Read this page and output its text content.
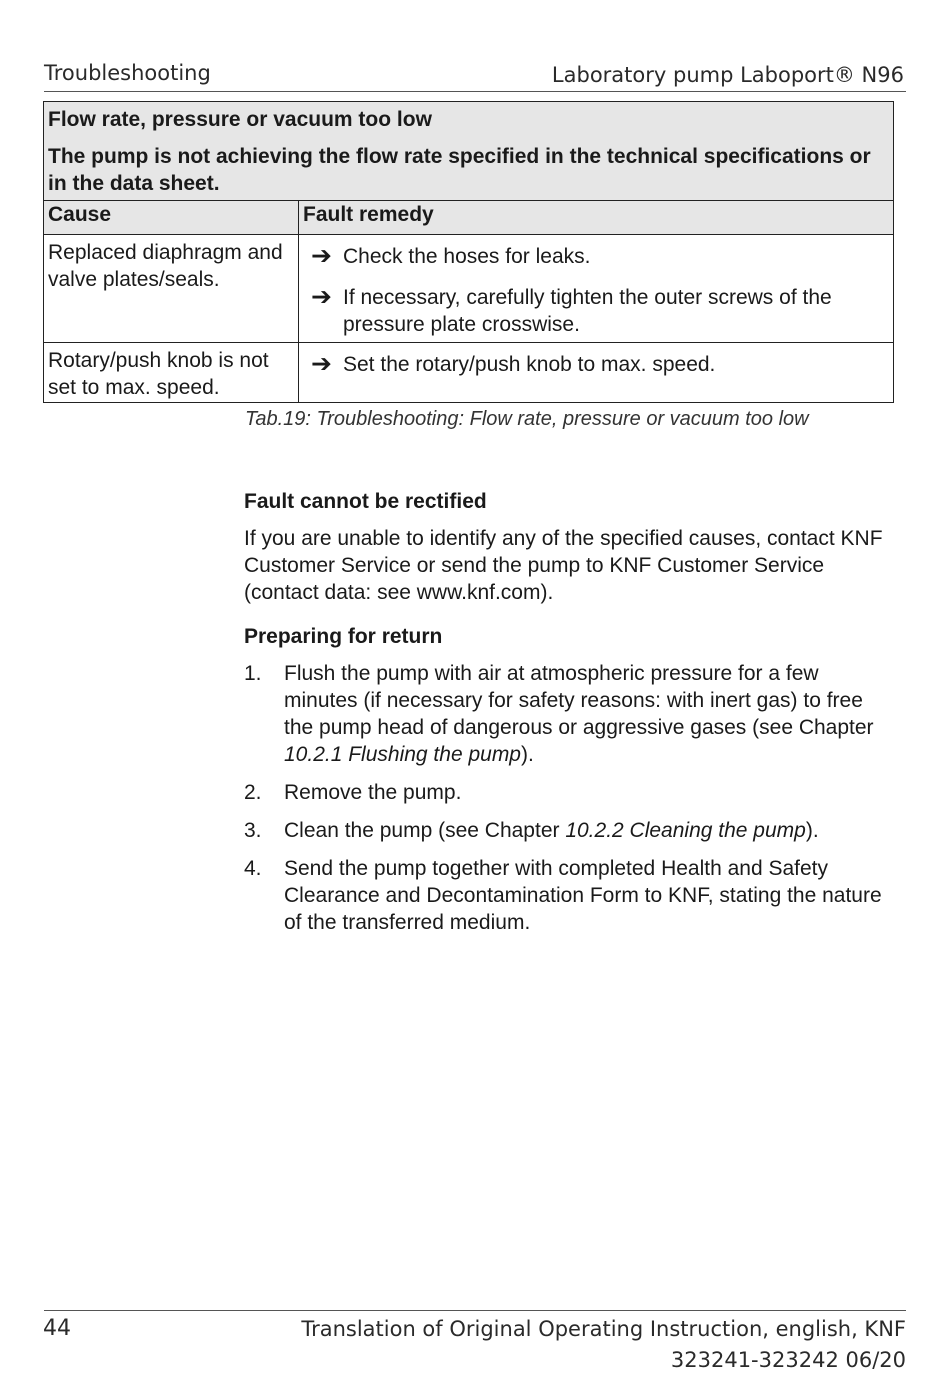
Troubleshooting	Laboratory pump Laboport® N96
Flow rate, pressure or vacuum too low
The pump is not achieving the flow rate specified in the technical specifications or in the data sheet.	

Cause	Fault remedy

Replaced diaphragm and valve plates/seals.	➔ Check the hoses for leaks.
➔ If necessary, carefully tighten the outer screws of the pressure plate crosswise.

Rotary/push knob is not set to max. speed.	➔ Set the rotary/push knob to max. speed.
Tab.19: Troubleshooting: Flow rate, pressure or vacuum too low
Fault cannot be rectified
If you are unable to identify any of the specified causes, contact KNF Customer Service or send the pump to KNF Customer Service (contact data: see www.knf.com).
Preparing for return
1. Flush the pump with air at atmospheric pressure for a few minutes (if necessary for safety reasons: with inert gas) to free the pump head of dangerous or aggressive gases (see Chapter 10.2.1 Flushing the pump).
2. Remove the pump.
3. Clean the pump (see Chapter 10.2.2 Cleaning the pump).
4. Send the pump together with completed Health and Safety Clearance and Decontamination Form to KNF, stating the nature of the transferred medium.
44	Translation of Original Operating Instruction, english, KNF
323241-323242 06/20
